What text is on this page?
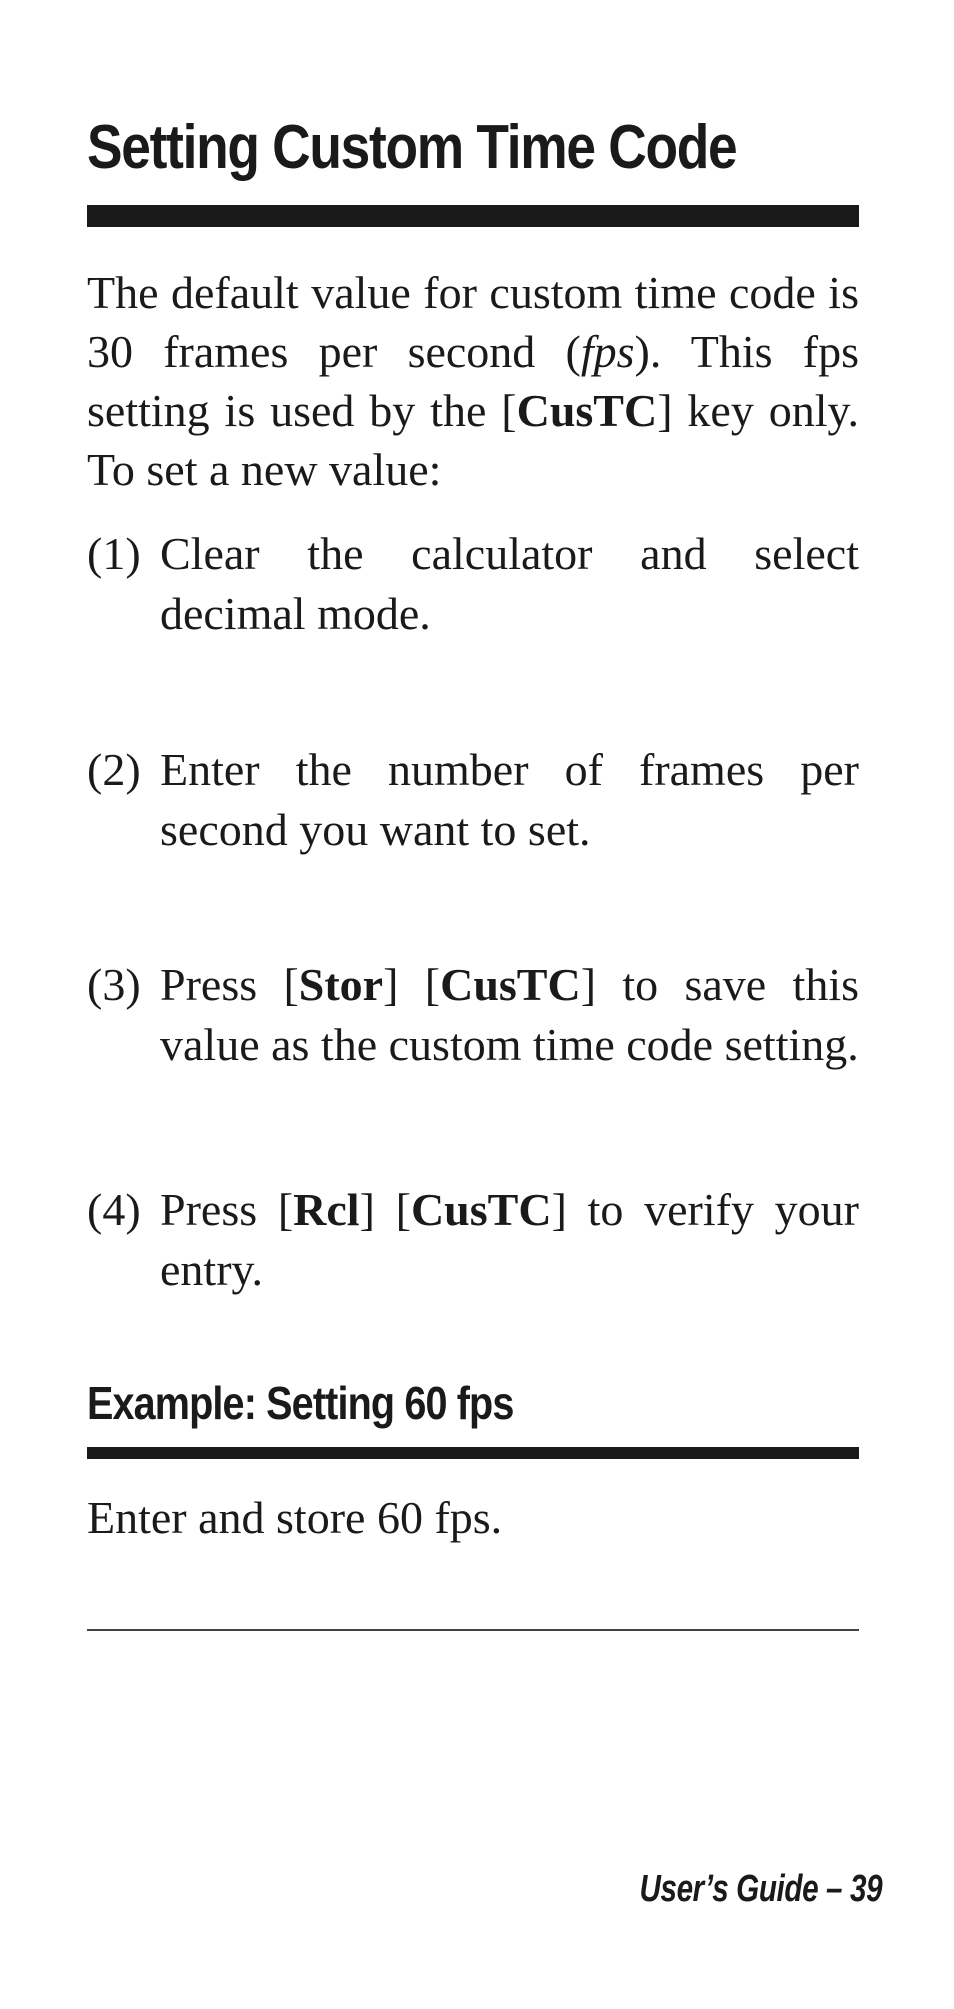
Setting Custom Time Code

The default value for custom time code is 30 frames per second (fps). This fps setting is used by the [CusTC] key only. To set a new value:

(1) Clear the calculator and select decimal mode.
(2) Enter the number of frames per second you want to set.
(3) Press [Stor] [CusTC] to save this value as the custom time code setting.
(4) Press [Rcl] [CusTC] to verify your entry.
Example: Setting 60 fps

Enter and store 60 fps.

User’s Guide – 39
